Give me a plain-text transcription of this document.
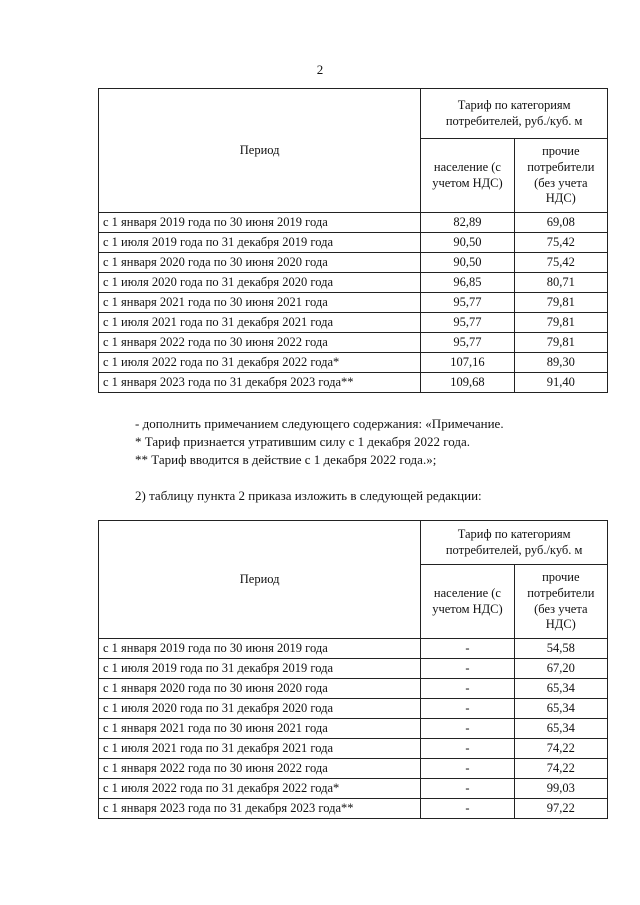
2
Период	Тариф по категориям потребителей, руб./куб. м	
	население (с учетом НДС)	прочие потребители (без учета НДС)
с 1 января 2019 года по 30 июня 2019 года	82,89	69,08
с 1 июля 2019 года по 31 декабря 2019 года	90,50	75,42
с 1 января 2020 года по 30 июня 2020 года	90,50	75,42
с 1 июля 2020 года по 31 декабря 2020 года	96,85	80,71
с 1 января 2021 года по 30 июня 2021 года	95,77	79,81
с 1 июля 2021 года по 31 декабря 2021 года	95,77	79,81
с 1 января 2022 года по 30 июня 2022 года	95,77	79,81
с 1 июля 2022 года по 31 декабря 2022 года*	107,16	89,30
с 1 января 2023 года по 31 декабря 2023 года**	109,68	91,40
- дополнить примечанием следующего содержания: «Примечание.
* Тариф признается утратившим силу с 1 декабря 2022 года.
** Тариф вводится в действие с 1 декабря 2022 года.»;
2) таблицу пункта 2 приказа изложить в следующей редакции:
Период	Тариф по категориям потребителей, руб./куб. м	
	население (с учетом НДС)	прочие потребители (без учета НДС)
с 1 января 2019 года по 30 июня 2019 года	-	54,58
с 1 июля 2019 года по 31 декабря 2019 года	-	67,20
с 1 января 2020 года по 30 июня 2020 года	-	65,34
с 1 июля 2020 года по 31 декабря 2020 года	-	65,34
с 1 января 2021 года по 30 июня 2021 года	-	65,34
с 1 июля 2021 года по 31 декабря 2021 года	-	74,22
с 1 января 2022 года по 30 июня 2022 года	-	74,22
с 1 июля 2022 года по 31 декабря 2022 года*	-	99,03
с 1 января 2023 года по 31 декабря 2023 года**	-	97,22
